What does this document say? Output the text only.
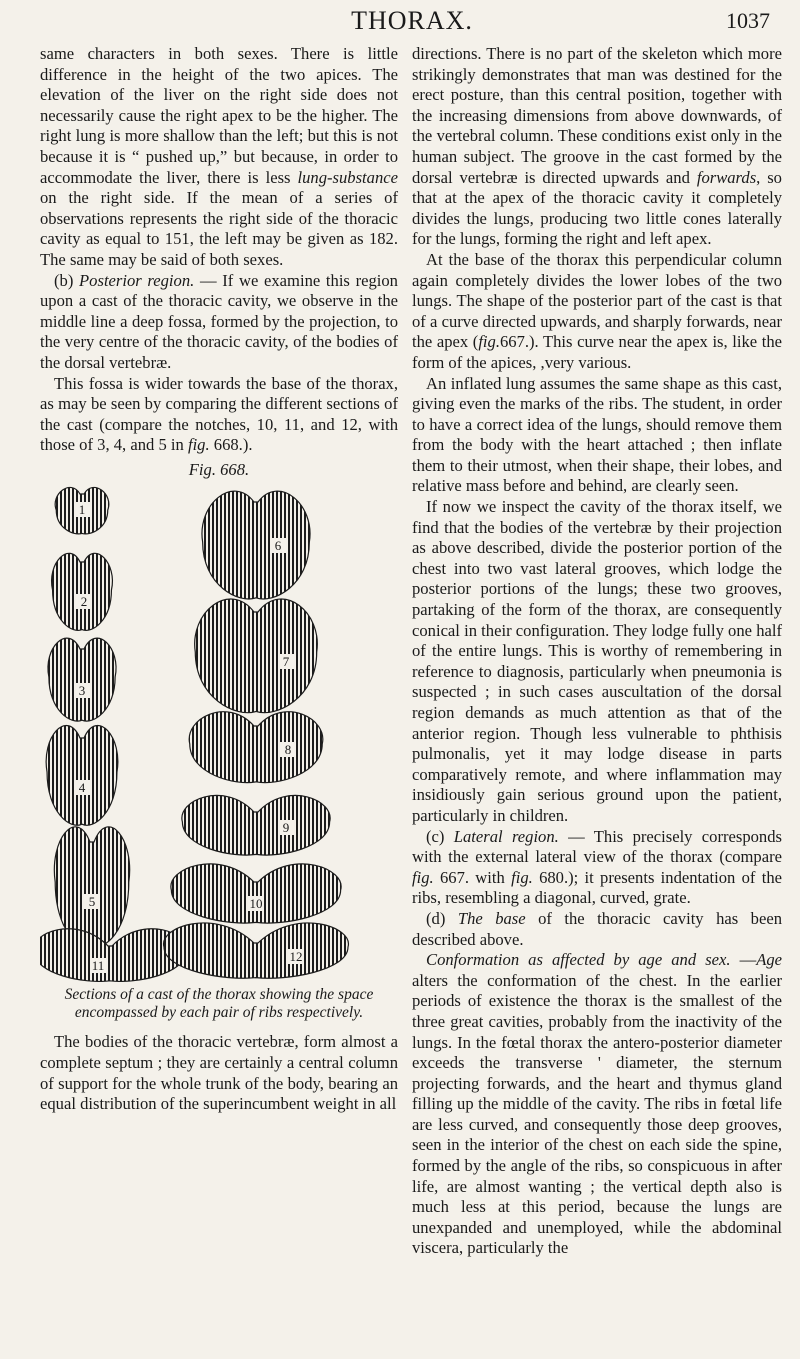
THORAX.	1037

same characters in both sexes. There is little difference in the height of the two apices. The elevation of the liver on the right side does not necessarily cause the right apex to be the higher. The right lung is more shallow than the left; but this is not because it is “ pushed up,” but because, in order to accommodate the liver, there is less lung-substance on the right side. If the mean of a series of observations represents the right side of the thoracic cavity as equal to 151, the left may be given as 182. The same may be said of both sexes.

(b) Posterior region. — If we examine this region upon a cast of the thoracic cavity, we observe in the middle line a deep fossa, formed by the projection, to the very centre of the thoracic cavity, of the bodies of the dorsal vertebræ.

This fossa is wider towards the base of the thorax, as may be seen by comparing the different sections of the cast (compare the notches, 10, 11, and 12, with those of 3, 4, and 5 in fig. 668.).

Fig. 668.
1
2
3
4
5
6
7
8
9
10
11
12
Sections of a cast of the thorax showing the space encompassed by each pair of ribs respectively.

The bodies of the thoracic vertebræ, form almost a complete septum ; they are certainly a central column of support for the whole trunk of the body, bearing an equal distribution of the superincumbent weight in all

directions. There is no part of the skeleton which more strikingly demonstrates that man was destined for the erect posture, than this central position, together with the increasing dimensions from above downwards, of the vertebral column. These conditions exist only in the human subject. The groove in the cast formed by the dorsal vertebræ is directed upwards and forwards, so that at the apex of the thoracic cavity it completely divides the lungs, producing two little cones laterally for the lungs, forming the right and left apex.

At the base of the thorax this perpendicular column again completely divides the lower lobes of the two lungs. The shape of the posterior part of the cast is that of a curve directed upwards, and sharply forwards, near the apex (fig.667.). This curve near the apex is, like the form of the apices, ,very various.

An inflated lung assumes the same shape as this cast, giving even the marks of the ribs. The student, in order to have a correct idea of the lungs, should remove them from the body with the heart attached ; then inflate them to their utmost, when their shape, their lobes, and relative mass before and behind, are clearly seen.

If now we inspect the cavity of the thorax itself, we find that the bodies of the vertebræ by their projection as above described, divide the posterior portion of the chest into two vast lateral grooves, which lodge the posterior portions of the lungs; these two grooves, partaking of the form of the thorax, are consequently conical in their configuration. They lodge fully one half of the entire lungs. This is worthy of remembering in reference to diagnosis, particularly when pneumonia is suspected ; in such cases auscultation of the dorsal region demands as much attention as that of the anterior region. Though less vulnerable to phthisis pulmonalis, yet it may lodge disease in parts comparatively remote, and where inflammation may insidiously gain serious ground upon the patient, particularly in children.

(c) Lateral region. — This precisely corresponds with the external lateral view of the thorax (compare fig. 667. with fig. 680.); it presents indentation of the ribs, resembling a diagonal, curved, grate.

(d) The base of the thoracic cavity has been described above.

Conformation as affected by age and sex. —Age alters the conformation of the chest. In the earlier periods of existence the thorax is the smallest of the three great cavities, probably from the inactivity of the lungs. In the fœtal thorax the antero-posterior diameter exceeds the transverse ' diameter, the sternum projecting forwards, and the heart and thymus gland filling up the middle of the cavity. The ribs in fœtal life are less curved, and consequently those deep grooves, seen in the interior of the chest on each side the spine, formed by the angle of the ribs, so conspicuous in after life, are almost wanting ; the vertical depth also is much less at this period, because the lungs are unexpanded and unemployed, while the abdominal viscera, particularly the
